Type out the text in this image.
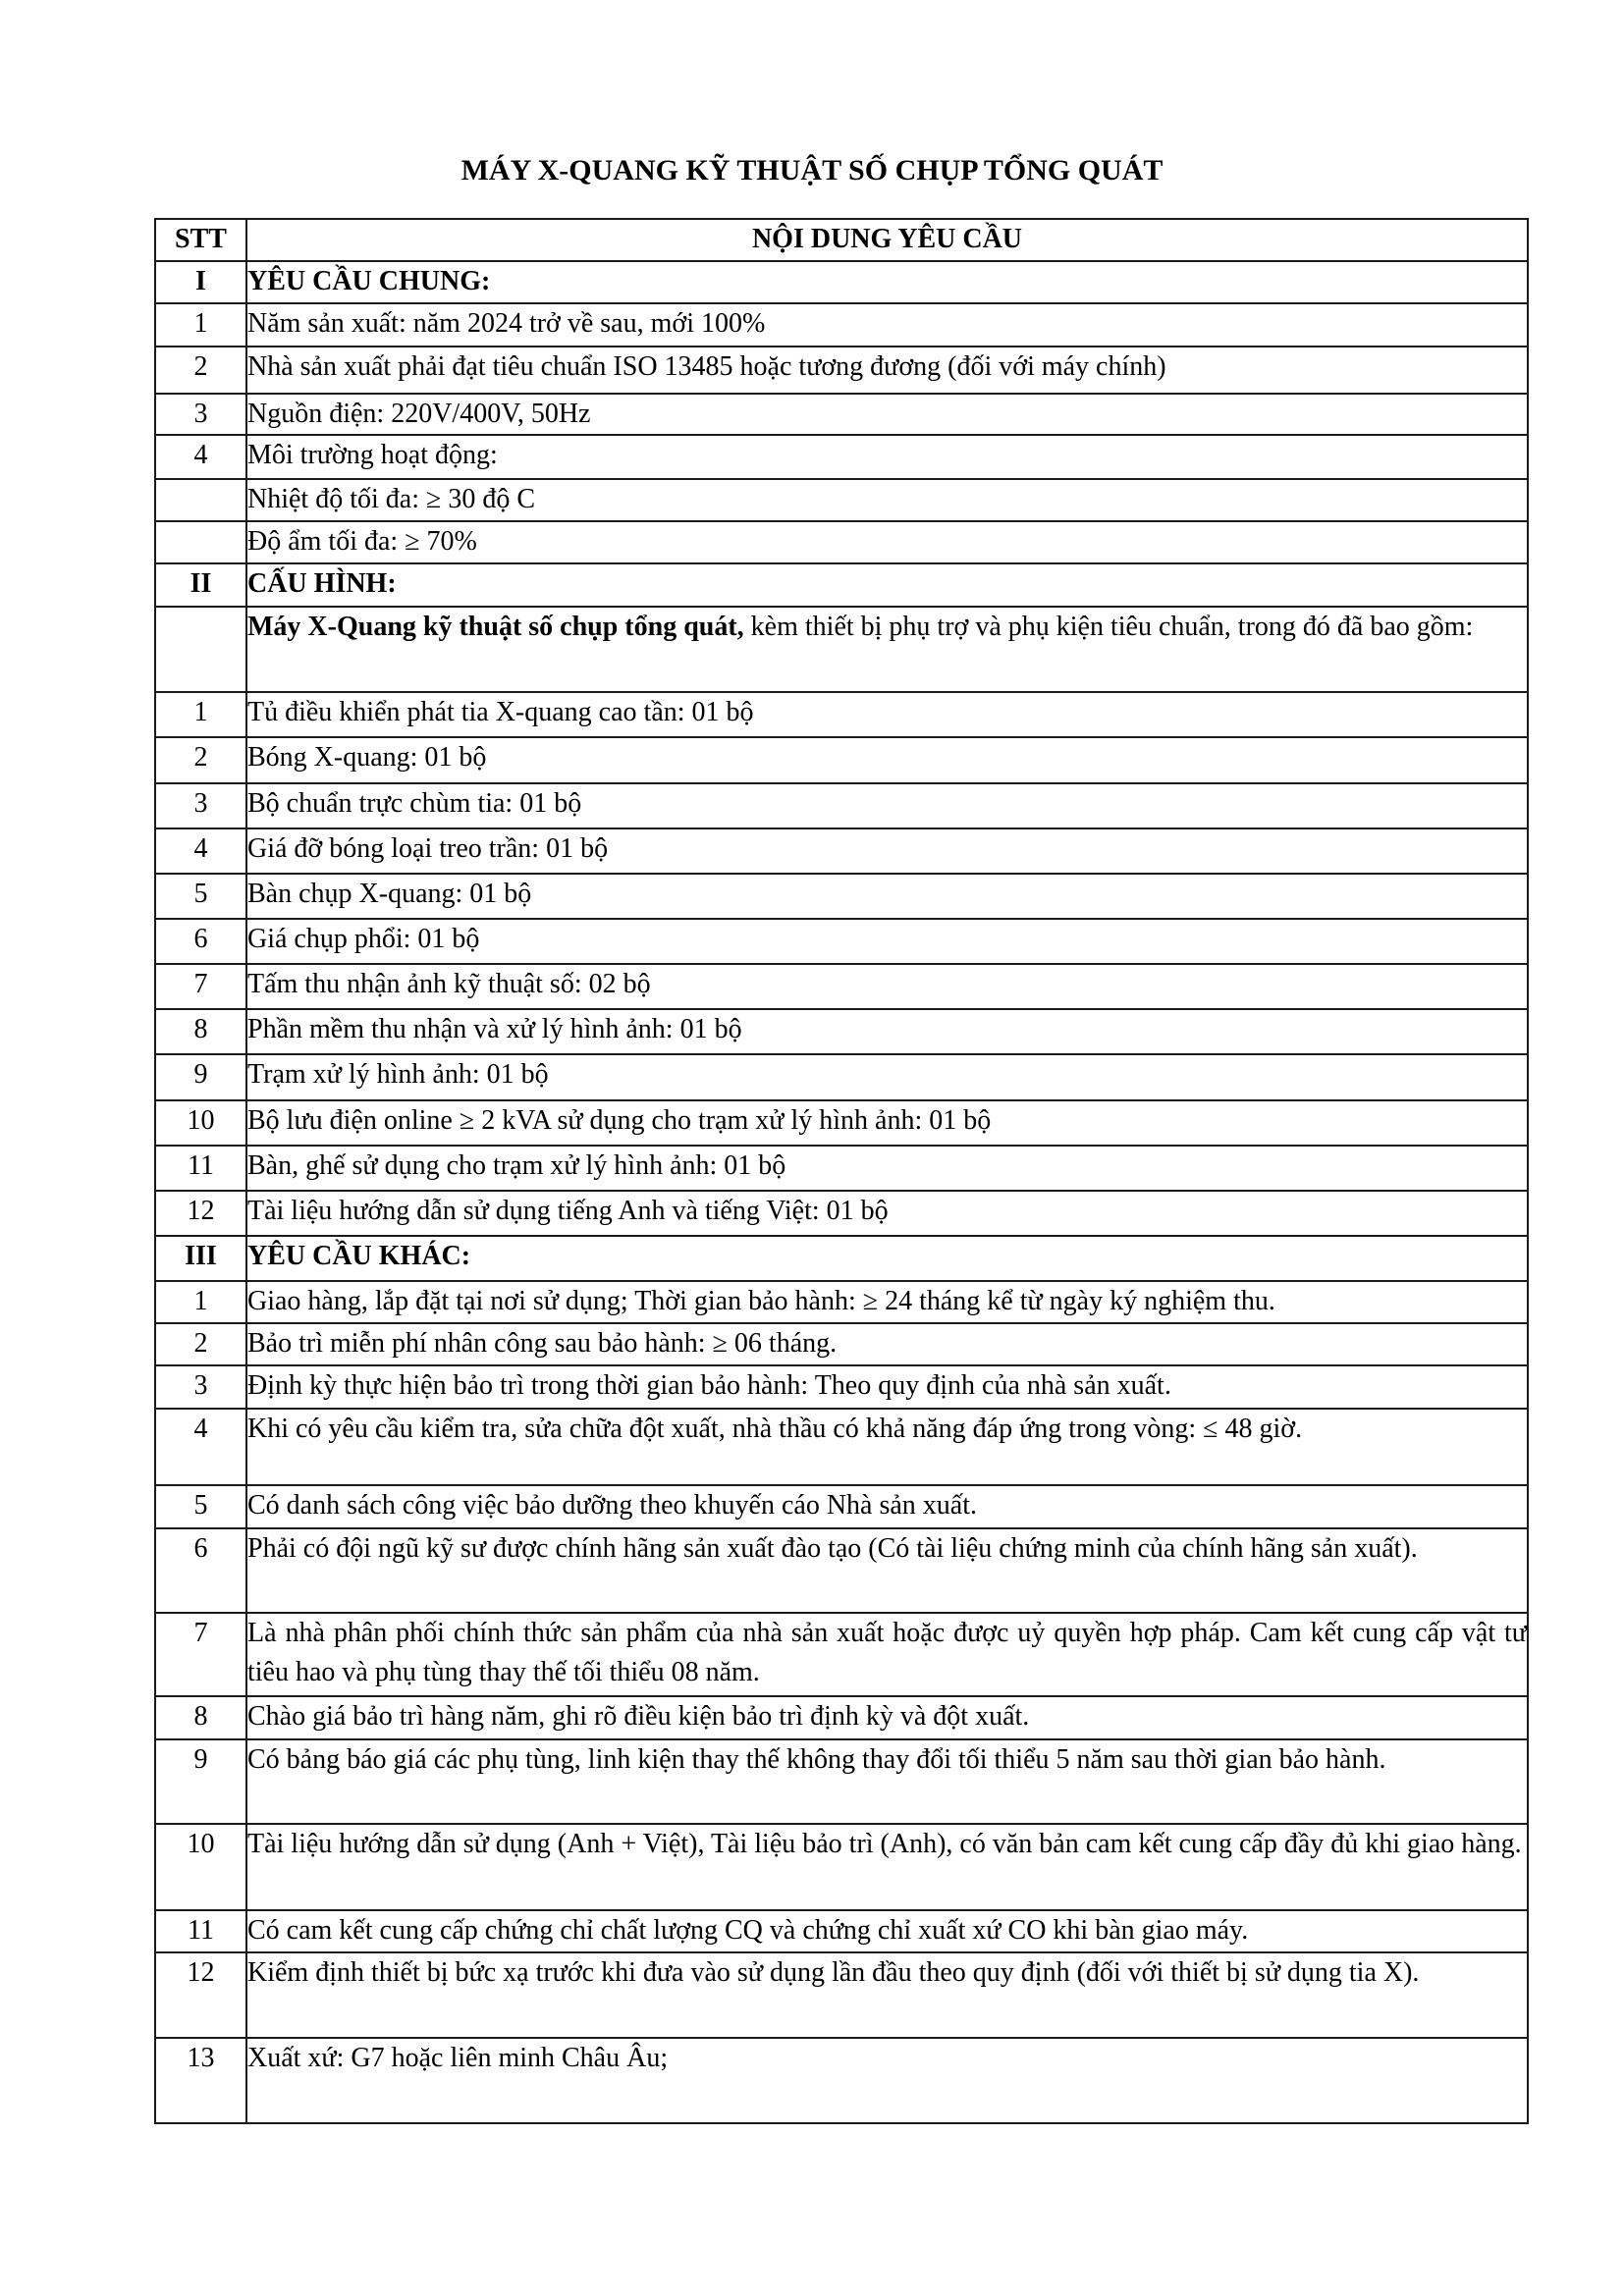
MÁY X-QUANG KỸ THUẬT SỐ CHỤP TỔNG QUÁT
STT	NỘI DUNG YÊU CẦU
I	YÊU CẦU CHUNG:
1	Năm sản xuất: năm 2024 trở về sau, mới 100%
2	Nhà sản xuất phải đạt tiêu chuẩn ISO 13485 hoặc tương đương (đối với máy chính)
3	Nguồn điện: 220V/400V, 50Hz
4	Môi trường hoạt động:
	Nhiệt độ tối đa: ≥ 30 độ C
	Độ ẩm tối đa: ≥ 70%
II	CẤU HÌNH:
	Máy X-Quang kỹ thuật số chụp tổng quát, kèm thiết bị phụ trợ và phụ kiện tiêu chuẩn, trong đó đã bao gồm:
1	Tủ điều khiển phát tia X-quang cao tần: 01 bộ
2	Bóng X-quang: 01 bộ
3	Bộ chuẩn trực chùm tia: 01 bộ
4	Giá đỡ bóng loại treo trần: 01 bộ
5	Bàn chụp X-quang: 01 bộ
6	Giá chụp phổi: 01 bộ
7	Tấm thu nhận ảnh kỹ thuật số: 02 bộ
8	Phần mềm thu nhận và xử lý hình ảnh: 01 bộ
9	Trạm xử lý hình ảnh: 01 bộ
10	Bộ lưu điện online ≥ 2 kVA sử dụng cho trạm xử lý hình ảnh: 01 bộ
11	Bàn, ghế sử dụng cho trạm xử lý hình ảnh: 01 bộ
12	Tài liệu hướng dẫn sử dụng tiếng Anh và tiếng Việt: 01 bộ
III	YÊU CẦU KHÁC:
1	Giao hàng, lắp đặt tại nơi sử dụng; Thời gian bảo hành: ≥ 24 tháng kể từ ngày ký nghiệm thu.
2	Bảo trì miễn phí nhân công sau bảo hành: ≥ 06 tháng.
3	Định kỳ thực hiện bảo trì trong thời gian bảo hành: Theo quy định của nhà sản xuất.
4	Khi có yêu cầu kiểm tra, sửa chữa đột xuất, nhà thầu có khả năng đáp ứng trong vòng: ≤ 48 giờ.
5	Có danh sách công việc bảo dưỡng theo khuyến cáo Nhà sản xuất.
6	Phải có đội ngũ kỹ sư được chính hãng sản xuất đào tạo (Có tài liệu chứng minh của chính hãng sản xuất).
7	Là nhà phân phối chính thức sản phẩm của nhà sản xuất hoặc được uỷ quyền hợp pháp. Cam kết cung cấp vật tư tiêu hao và phụ tùng thay thế tối thiểu 08 năm.
8	Chào giá bảo trì hàng năm, ghi rõ điều kiện bảo trì định kỳ và đột xuất.
9	Có bảng báo giá các phụ tùng, linh kiện thay thế không thay đổi tối thiểu 5 năm sau thời gian bảo hành.
10	Tài liệu hướng dẫn sử dụng (Anh + Việt), Tài liệu bảo trì (Anh), có văn bản cam kết cung cấp đầy đủ khi giao hàng.
11	Có cam kết cung cấp chứng chỉ chất lượng CQ và chứng chỉ xuất xứ CO khi bàn giao máy.
12	Kiểm định thiết bị bức xạ trước khi đưa vào sử dụng lần đầu theo quy định (đối với thiết bị sử dụng tia X).
13	Xuất xứ: G7 hoặc liên minh Châu Âu;
